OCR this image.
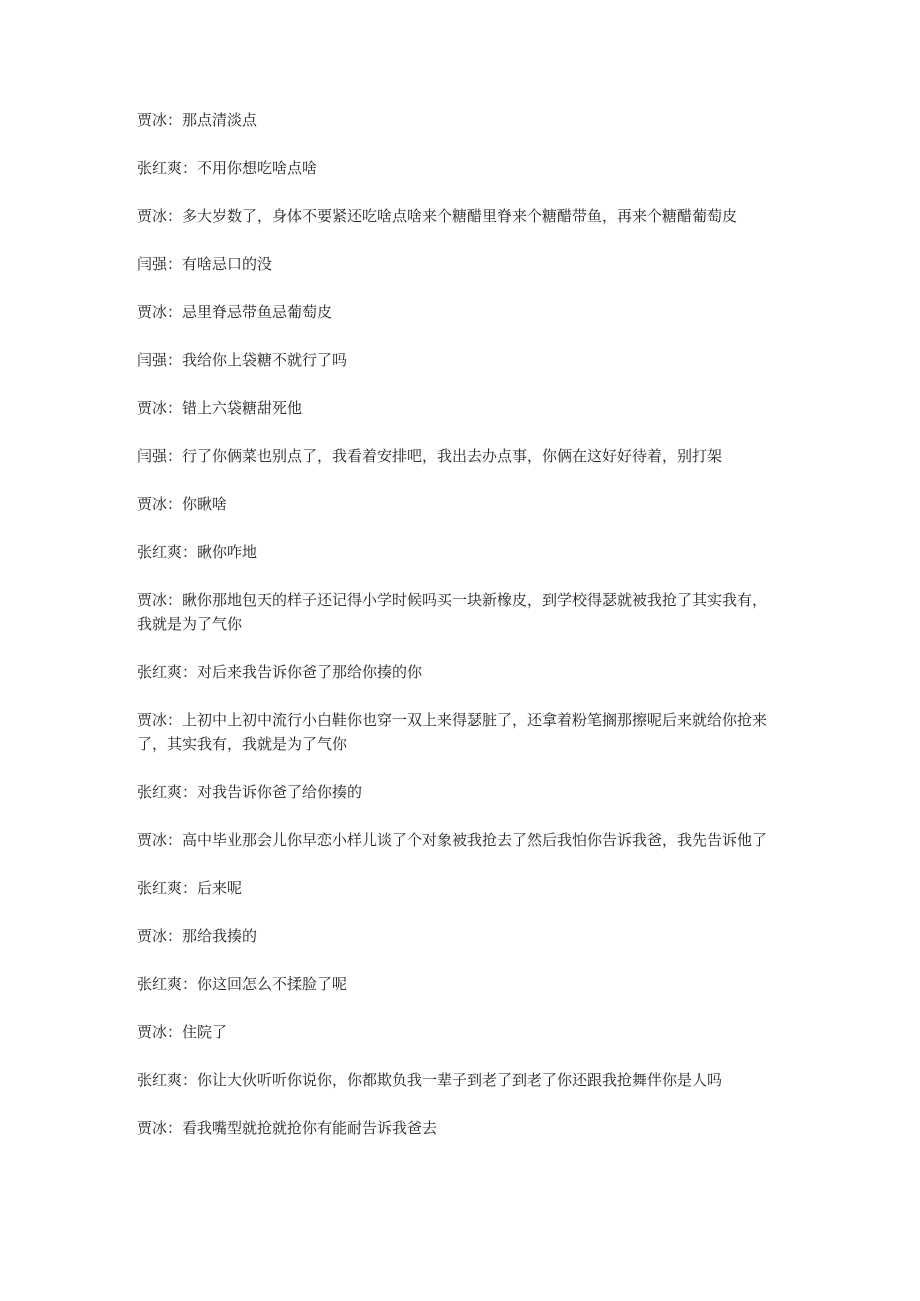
贾冰：那点清淡点

张红爽：不用你想吃啥点啥

贾冰：多大岁数了，身体不要紧还吃啥点啥来个糖醋里脊来个糖醋带鱼，再来个糖醋葡萄皮

闫强：有啥忌口的没

贾冰：忌里脊忌带鱼忌葡萄皮

闫强：我给你上袋糖不就行了吗

贾冰：错上六袋糖甜死他

闫强：行了你俩菜也别点了，我看着安排吧，我出去办点事，你俩在这好好待着，别打架

贾冰：你瞅啥

张红爽：瞅你咋地

贾冰：瞅你那地包天的样子还记得小学时候吗买一块新橡皮，到学校得瑟就被我抢了其实我有，我就是为了气你

张红爽：对后来我告诉你爸了那给你揍的你

贾冰：上初中上初中流行小白鞋你也穿一双上来得瑟脏了，还拿着粉笔搁那擦呢后来就给你抢来了，其实我有，我就是为了气你

张红爽：对我告诉你爸了给你揍的

贾冰：高中毕业那会儿你早恋小样儿谈了个对象被我抢去了然后我怕你告诉我爸，我先告诉他了

张红爽：后来呢

贾冰：那给我揍的

张红爽：你这回怎么不揉脸了呢

贾冰：住院了

张红爽：你让大伙听听你说你，你都欺负我一辈子到老了到老了你还跟我抢舞伴你是人吗

贾冰：看我嘴型就抢就抢你有能耐告诉我爸去
